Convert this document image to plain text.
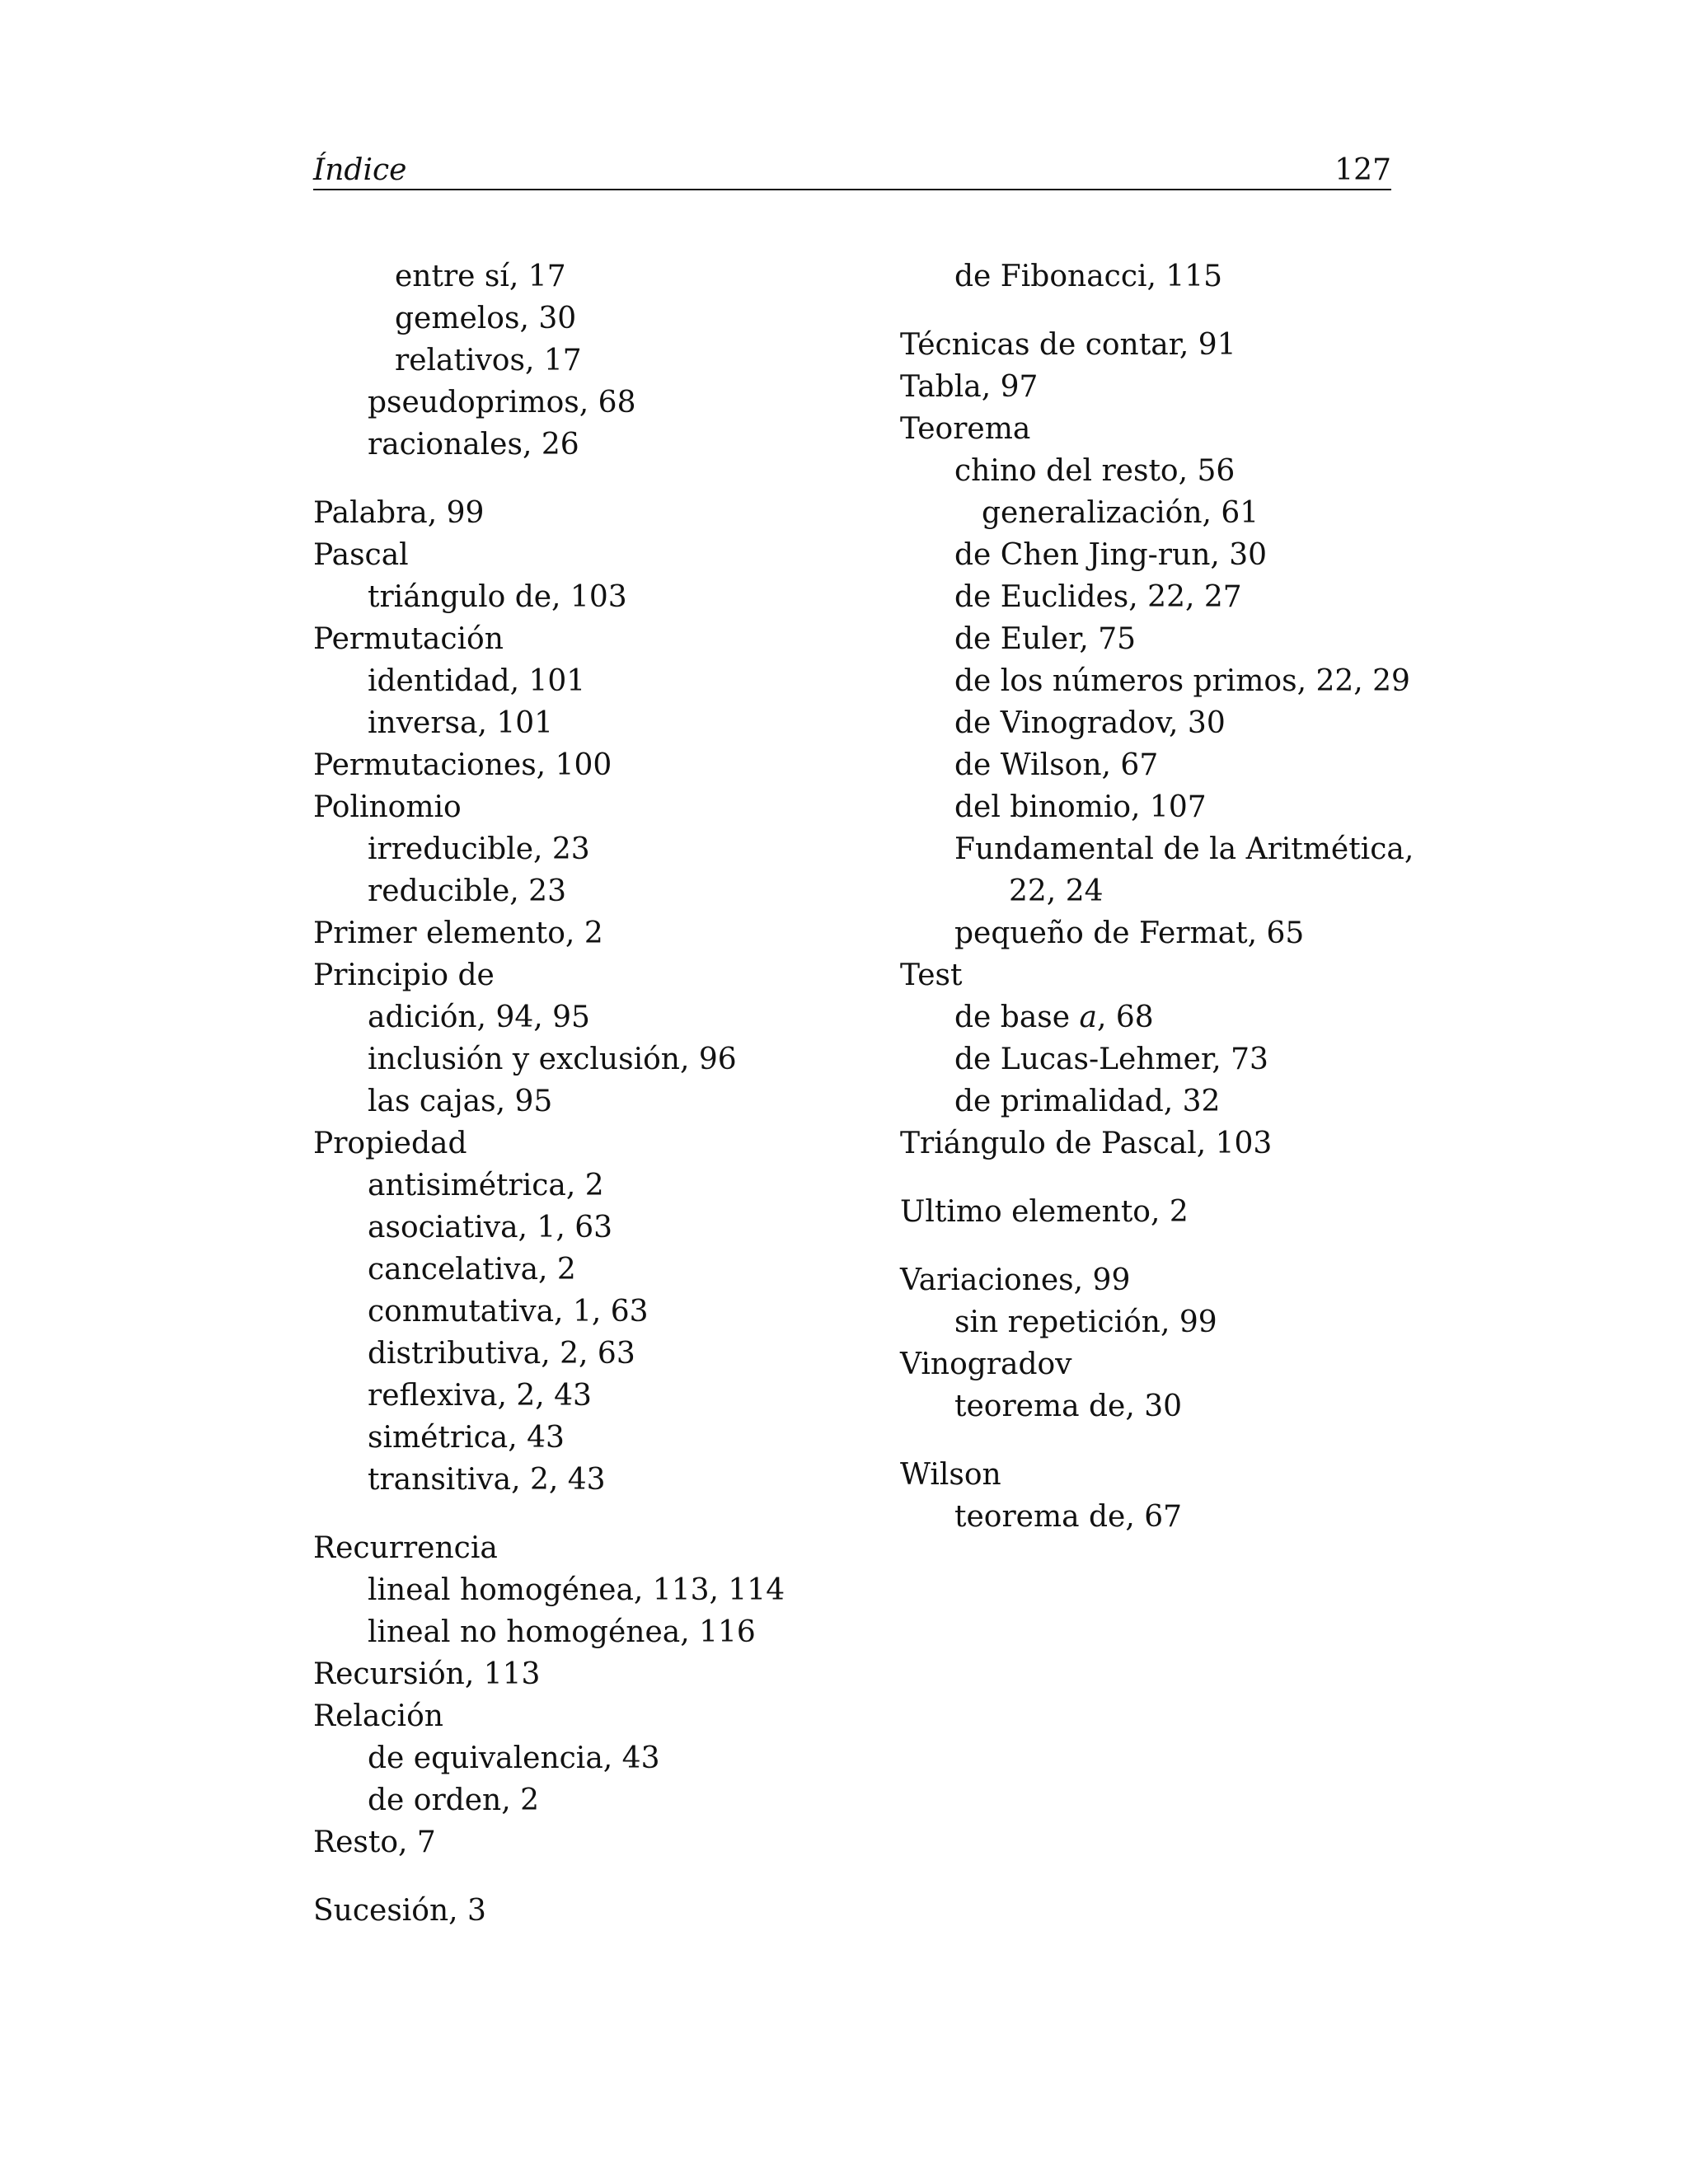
Índice	127
entre sí, 17
gemelos, 30
relativos, 17
pseudoprimos, 68
racionales, 26
Palabra, 99
Pascal
triángulo de, 103
Permutación
identidad, 101
inversa, 101
Permutaciones, 100
Polinomio
irreducible, 23
reducible, 23
Primer elemento, 2
Principio de
adición, 94, 95
inclusión y exclusión, 96
las cajas, 95
Propiedad
antisimétrica, 2
asociativa, 1, 63
cancelativa, 2
conmutativa, 1, 63
distributiva, 2, 63
reflexiva, 2, 43
simétrica, 43
transitiva, 2, 43
Recurrencia
lineal homogénea, 113, 114
lineal no homogénea, 116
Recursión, 113
Relación
de equivalencia, 43
de orden, 2
Resto, 7
Sucesión, 3
de Fibonacci, 115
Técnicas de contar, 91
Tabla, 97
Teorema
chino del resto, 56
generalización, 61
de Chen Jing-run, 30
de Euclides, 22, 27
de Euler, 75
de los números primos, 22, 29
de Vinogradov, 30
de Wilson, 67
del binomio, 107
Fundamental de la Aritmética,
22, 24
pequeño de Fermat, 65
Test
de base a, 68
de Lucas-Lehmer, 73
de primalidad, 32
Triángulo de Pascal, 103
Ultimo elemento, 2
Variaciones, 99
sin repetición, 99
Vinogradov
teorema de, 30
Wilson
teorema de, 67
